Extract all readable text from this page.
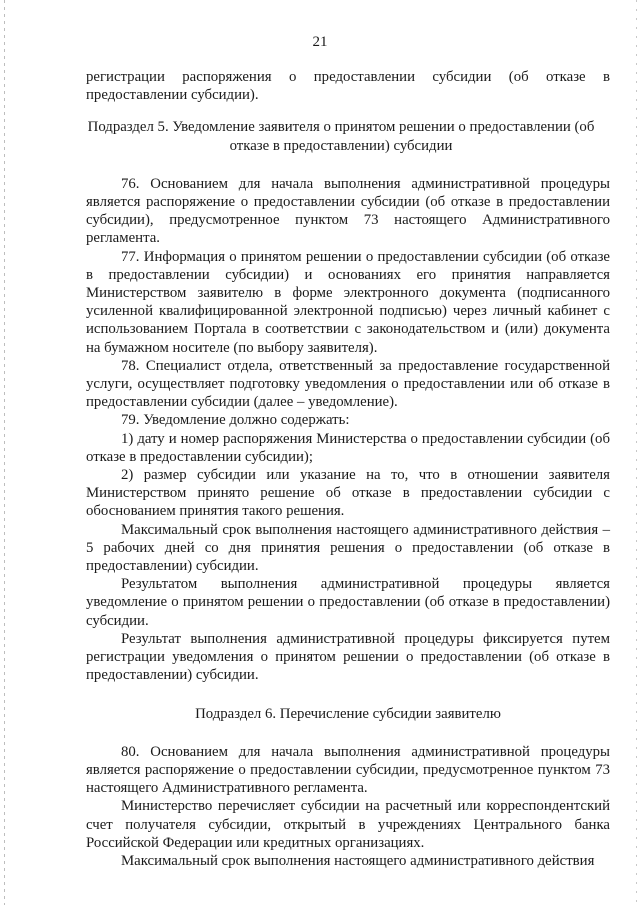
21

регистрации распоряжения о предоставлении субсидии (об отказе в предоставлении субсидии).

Подраздел 5. Уведомление заявителя о принятом решении о предоставлении (об отказе в предоставлении) субсидии

76. Основанием для начала выполнения административной процедуры является распоряжение о предоставлении субсидии (об отказе в предоставлении субсидии), предусмотренное пунктом 73 настоящего Административного регламента.

77. Информация о принятом решении о предоставлении субсидии (об отказе в предоставлении субсидии) и основаниях его принятия направляется Министерством заявителю в форме электронного документа (подписанного усиленной квалифицированной электронной подписью) через личный кабинет с использованием Портала в соответствии с законодательством и (или) документа на бумажном носителе (по выбору заявителя).

78. Специалист отдела, ответственный за предоставление государственной услуги, осуществляет подготовку уведомления о предоставлении или об отказе в предоставлении субсидии (далее – уведомление).

79. Уведомление должно содержать:

1) дату и номер распоряжения Министерства о предоставлении субсидии (об отказе в предоставлении субсидии);

2) размер субсидии или указание на то, что в отношении заявителя Министерством принято решение об отказе в предоставлении субсидии с обоснованием принятия такого решения.

Максимальный срок выполнения настоящего административного действия – 5 рабочих дней со дня принятия решения о предоставлении (об отказе в предоставлении) субсидии.

Результатом выполнения административной процедуры является уведомление о принятом решении о предоставлении (об отказе в предоставлении) субсидии.

Результат выполнения административной процедуры фиксируется путем регистрации уведомления о принятом решении о предоставлении (об отказе в предоставлении) субсидии.

Подраздел 6. Перечисление субсидии заявителю

80. Основанием для начала выполнения административной процедуры является распоряжение о предоставлении субсидии, предусмотренное пунктом 73 настоящего Административного регламента.

Министерство перечисляет субсидии на расчетный или корреспондентский счет получателя субсидии, открытый в учреждениях Центрального банка Российской Федерации или кредитных организациях.

Максимальный срок выполнения настоящего административного действия
